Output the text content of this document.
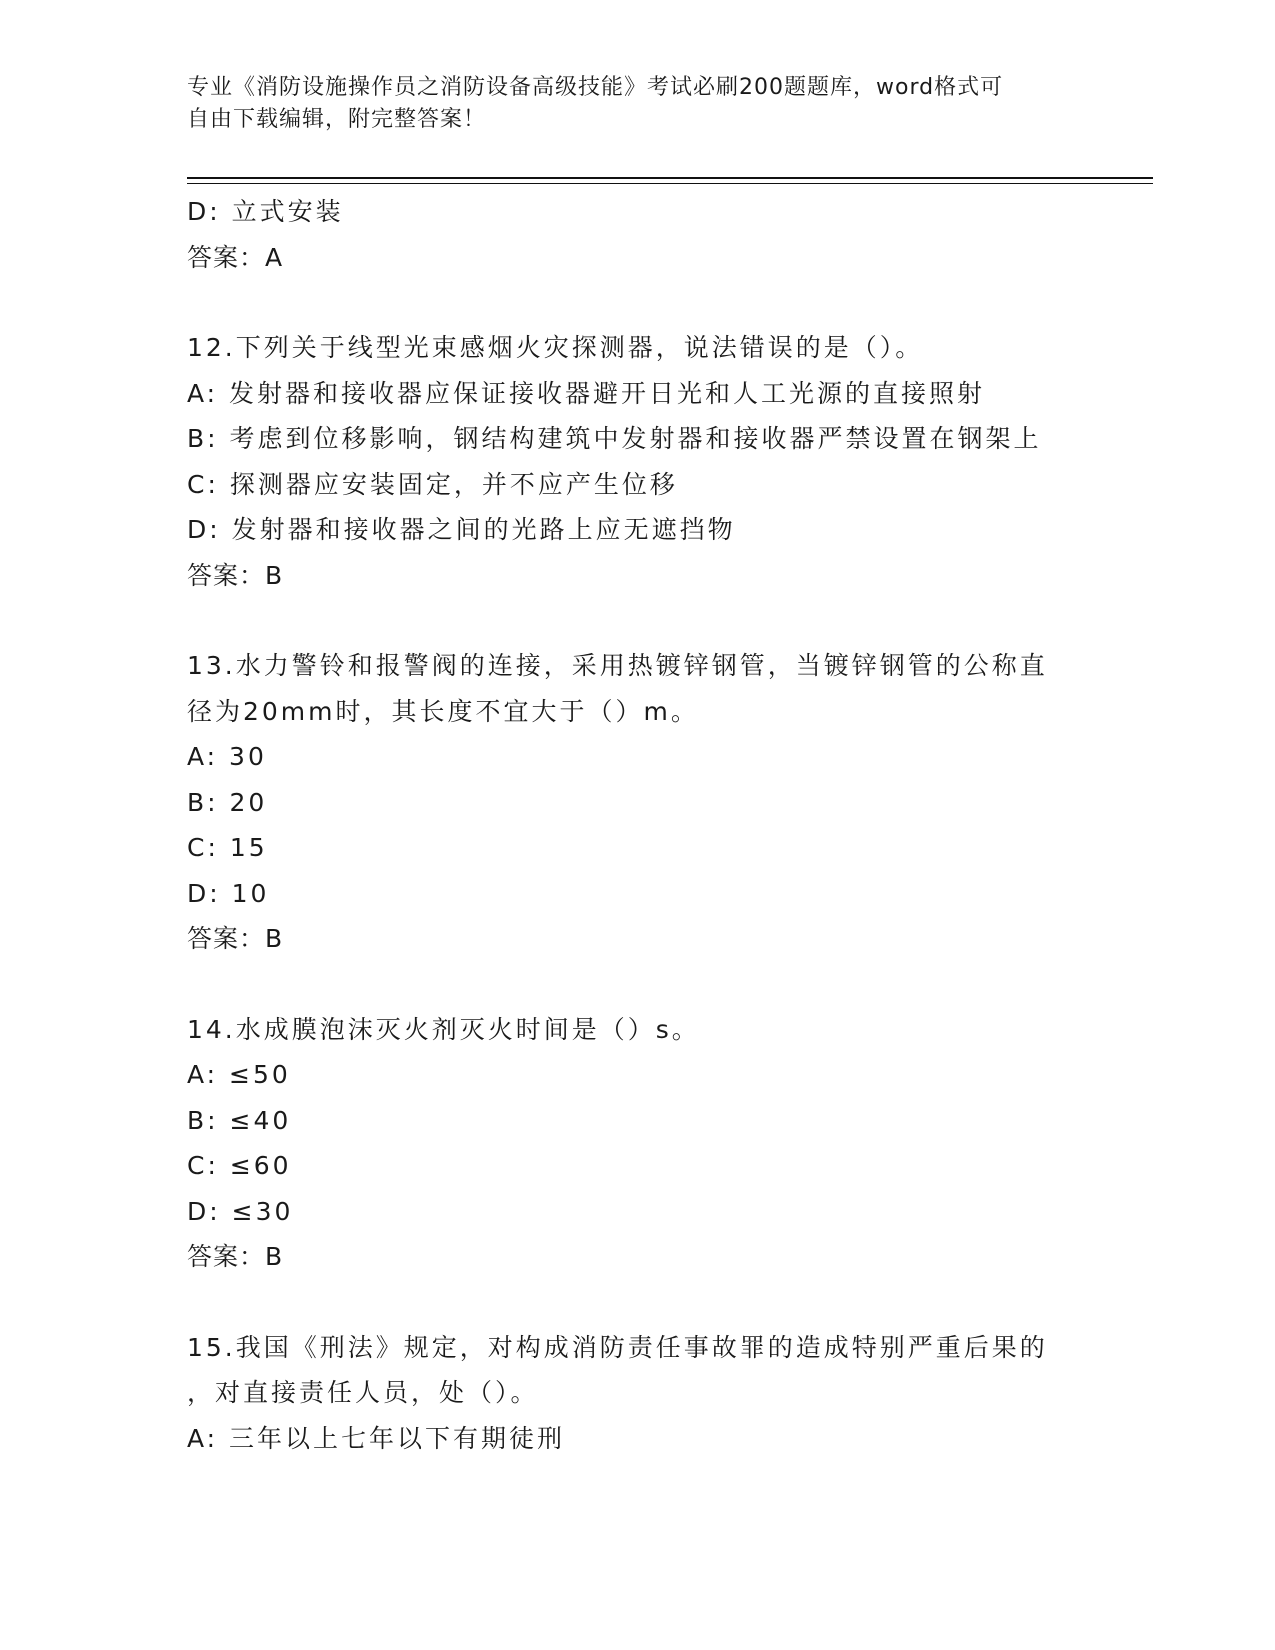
专业《消防设施操作员之消防设备高级技能》考试必刷200题题库，word格式可
自由下载编辑，附完整答案！
D: 立式安装
答案：A
12.下列关于线型光束感烟火灾探测器，说法错误的是（）。
A: 发射器和接收器应保证接收器避开日光和人工光源的直接照射
B: 考虑到位移影响，钢结构建筑中发射器和接收器严禁设置在钢架上
C: 探测器应安装固定，并不应产生位移
D: 发射器和接收器之间的光路上应无遮挡物
答案：B
13.水力警铃和报警阀的连接，采用热镀锌钢管，当镀锌钢管的公称直
径为20mm时，其长度不宜大于（）m。
A: 30
B: 20
C: 15
D: 10
答案：B
14.水成膜泡沫灭火剂灭火时间是（）s。
A: ≤50
B: ≤40
C: ≤60
D: ≤30
答案：B
15.我国《刑法》规定，对构成消防责任事故罪的造成特别严重后果的
，对直接责任人员，处（）。
A: 三年以上七年以下有期徒刑
